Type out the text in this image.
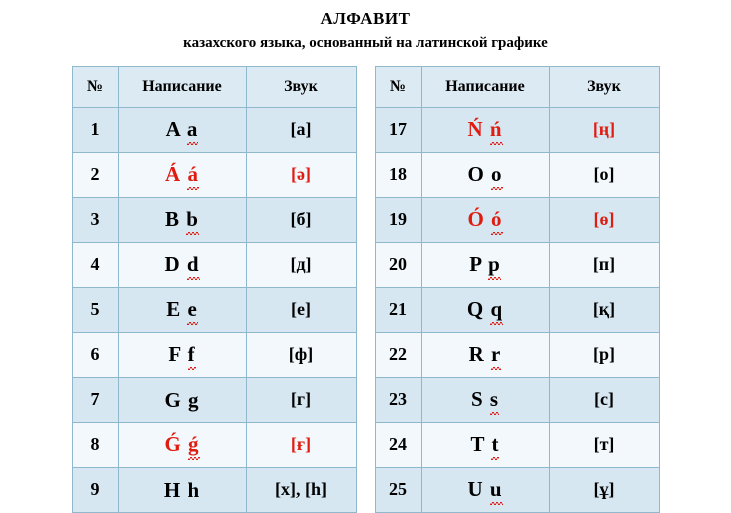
АЛФАВИТ
казахского языка, основанный на латинской графике
№	Написание	Звук
1	A a	[а]
2	Á á	[ә]
3	B b	[б]
4	D d	[д]
5	E e	[е]
6	F f	[ф]
7	G g	[г]
8	Ǵ ǵ	[ғ]
9	H h	[х], [һ]
№	Написание	Звук
17	Ń ń	[ң]
18	O o	[о]
19	Ó ó	[ө]
20	P p	[п]
21	Q q	[қ]
22	R r	[р]
23	S s	[с]
24	T t	[т]
25	U u	[ұ]
